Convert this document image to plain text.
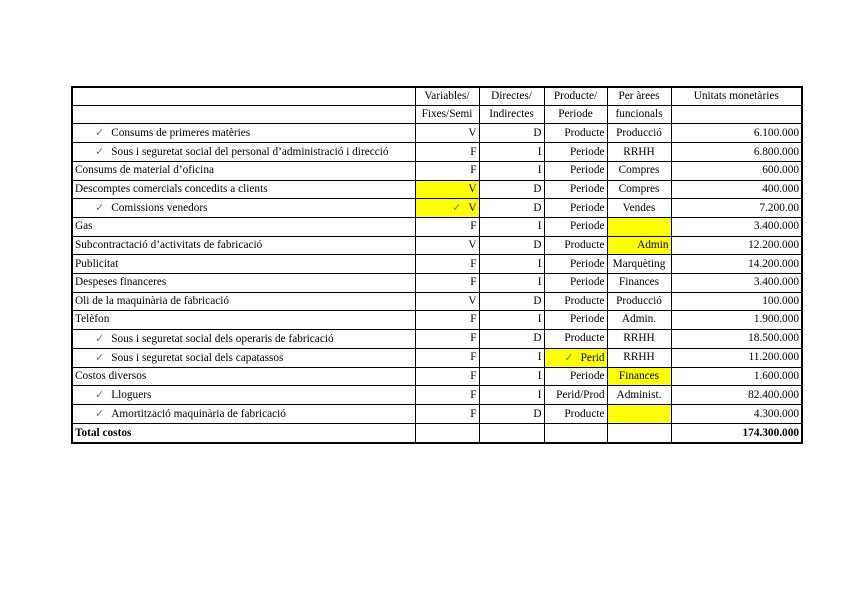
	Variables/	Directes/	Producte/	Per àrees	Unitats monetàries
	Fixes/Semi	Indirectes	Periode	funcionals	
✓ Consums de primeres matèries	V	D	Producte	Producció	6.100.000
✓ Sous i seguretat social del personal d’administració i direcció	F	I	Periode	RRHH	6.800.000
Consums de material d’oficina	F	I	Periode	Compres	600.000
Descomptes comercials concedits a clients	V	D	Periode	Compres	400.000
✓ Comissions venedors	✓ V	D	Periode	Vendes	7.200.00
Gas	F	I	Periode		3.400.000
Subcontractació d’activitats de fabricació	V	D	Producte	Admin	12.200.000
Publicitat	F	I	Periode	Marquèting	14.200.000
Despeses financeres	F	I	Periode	Finances	3.400.000
Oli de la maquinària de fabricació	V	D	Producte	Producció	100.000
Telèfon	F	I	Periode	Admin.	1.900.000
✓ Sous i seguretat social dels operaris de fabricació	F	D	Producte	RRHH	18.500.000
✓ Sous i seguretat social dels capatassos	F	I	✓ Perid	RRHH	11.200.000
Costos diversos	F	I	Periode	Finances	1.600.000
✓ Lloguers	F	I	Perid/Prod	Administ.	82.400.000
✓ Amortització maquinària de fabricació	F	D	Producte		4.300.000
Total costos					174.300.000
